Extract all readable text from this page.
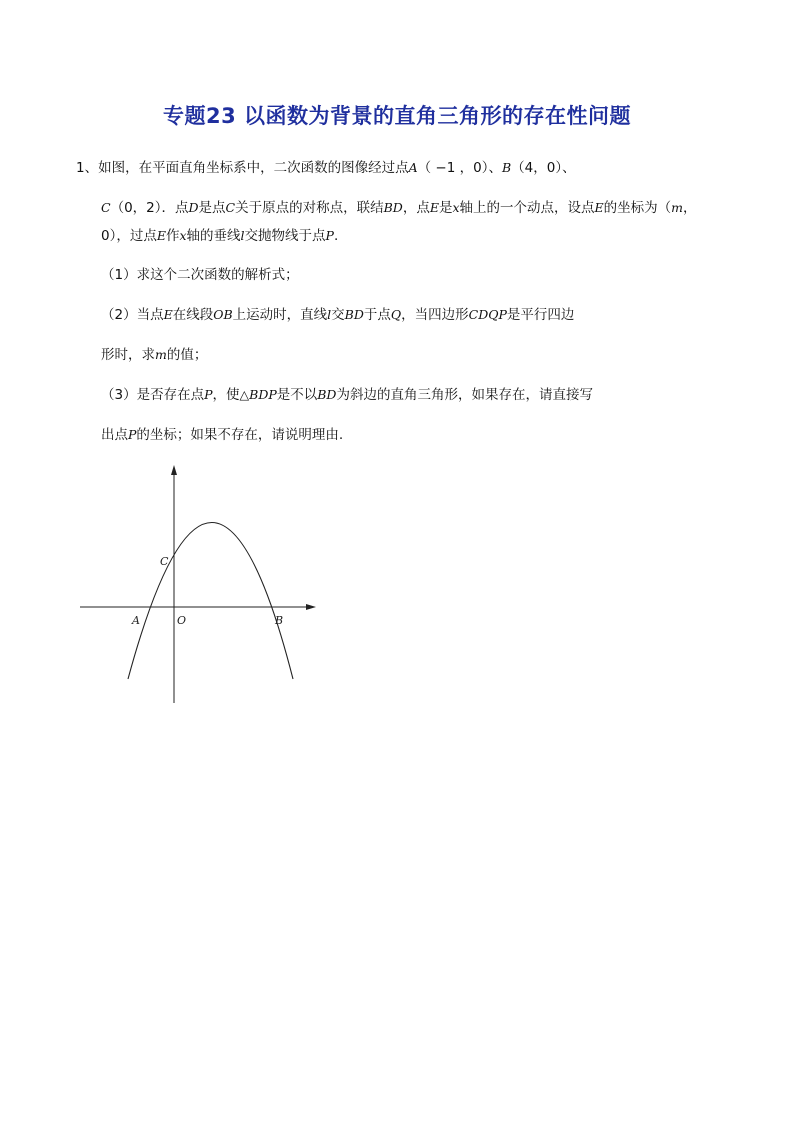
专题23 以函数为背景的直角三角形的存在性问题
1、如图，在平面直角坐标系中，二次函数的图像经过点A（ −1 ，0）、B（4，0）、
C（0，2）．点D是点C关于原点的对称点，联结BD，点E是x轴上的一个动点，设点E的坐标为（m，
0），过点E作x轴的垂线l交抛物线于点P.
（1）求这个二次函数的解析式；
（2）当点E在线段OB上运动时，直线l交BD于点Q，当四边形CDQP是平行四边
形时，求m的值；
（3）是否存在点P，使△BDP是不以BD为斜边的直角三角形，如果存在，请直接写
出点P的坐标；如果不存在，请说明理由.
C
A	O	B
